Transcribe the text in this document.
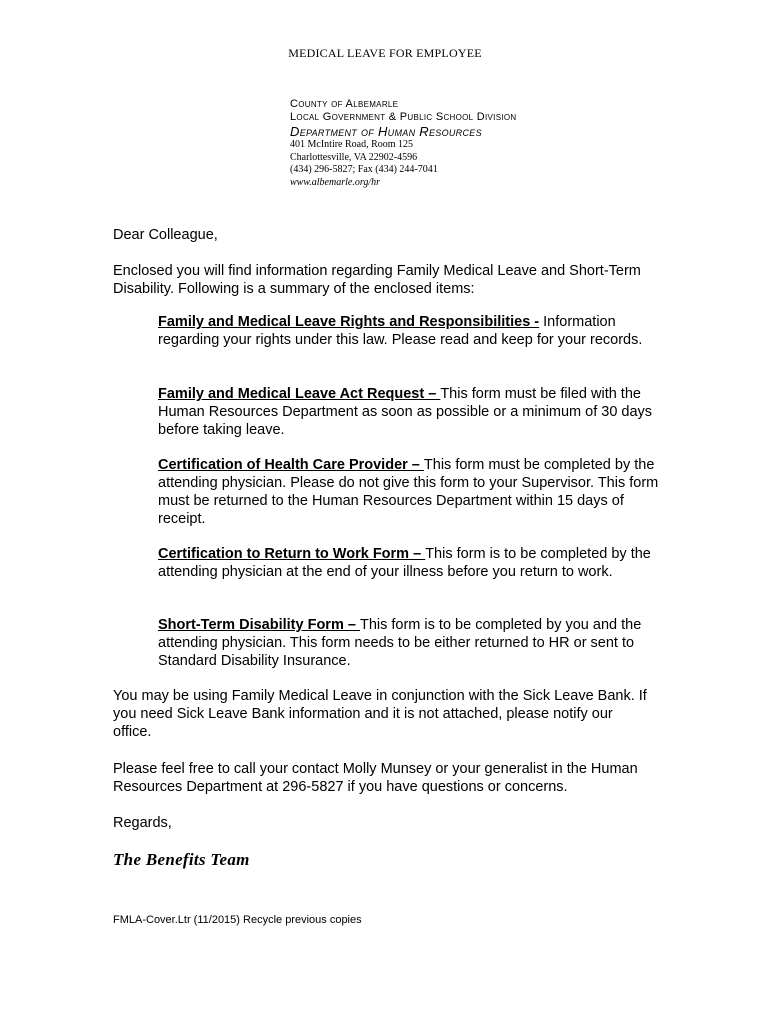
MEDICAL LEAVE FOR EMPLOYEE
County of Albemarle
Local Government & Public School Division
Department of Human Resources
401 McIntire Road, Room 125
Charlottesville, VA 22902-4596
(434) 296-5827; Fax (434) 244-7041
www.albemarle.org/hr
Dear Colleague,
Enclosed you will find information regarding Family Medical Leave and Short-Term Disability. Following is a summary of the enclosed items:
Family and Medical Leave Rights and Responsibilities - Information regarding your rights under this law. Please read and keep for your records.
Family and Medical Leave Act Request – This form must be filed with the Human Resources Department as soon as possible or a minimum of 30 days before taking leave.
Certification of Health Care Provider – This form must be completed by the attending physician. Please do not give this form to your Supervisor. This form must be returned to the Human Resources Department within 15 days of receipt.
Certification to Return to Work Form – This form is to be completed by the attending physician at the end of your illness before you return to work.
Short-Term Disability Form – This form is to be completed by you and the attending physician. This form needs to be either returned to HR or sent to Standard Disability Insurance.
You may be using Family Medical Leave in conjunction with the Sick Leave Bank. If you need Sick Leave Bank information and it is not attached, please notify our office.
Please feel free to call your contact Molly Munsey or your generalist in the Human Resources Department at 296-5827 if you have questions or concerns.
Regards,
The Benefits Team
FMLA-Cover.Ltr (11/2015) Recycle previous copies
